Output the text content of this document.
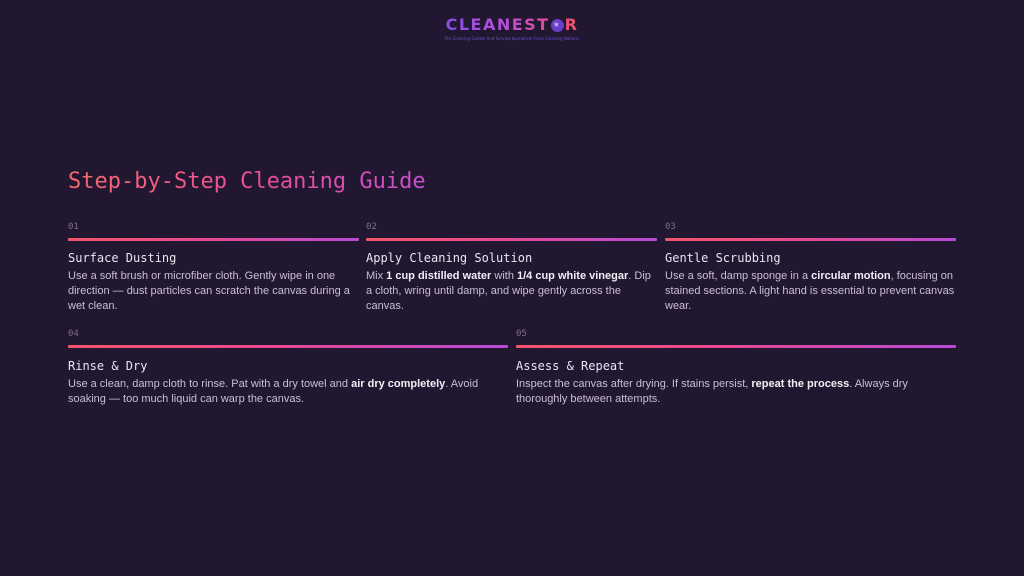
CLEANEST ★ R
Pro Cleaning Guides And Service Journalism From Cleaning Nations
Step-by-Step Cleaning Guide
01
Surface Dusting

Use a soft brush or microfiber cloth. Gently wipe in one direction — dust particles can scratch the canvas during a wet clean.

02
Apply Cleaning Solution

Mix 1 cup distilled water with 1/4 cup white vinegar. Dip a cloth, wring until damp, and wipe gently across the canvas.

03
Gentle Scrubbing

Use a soft, damp sponge in a circular motion, focusing on stained sections. A light hand is essential to prevent canvas wear.

04
Rinse & Dry

Use a clean, damp cloth to rinse. Pat with a dry towel and air dry completely. Avoid soaking — too much liquid can warp the canvas.

05
Assess & Repeat

Inspect the canvas after drying. If stains persist, repeat the process. Always dry thoroughly between attempts.
